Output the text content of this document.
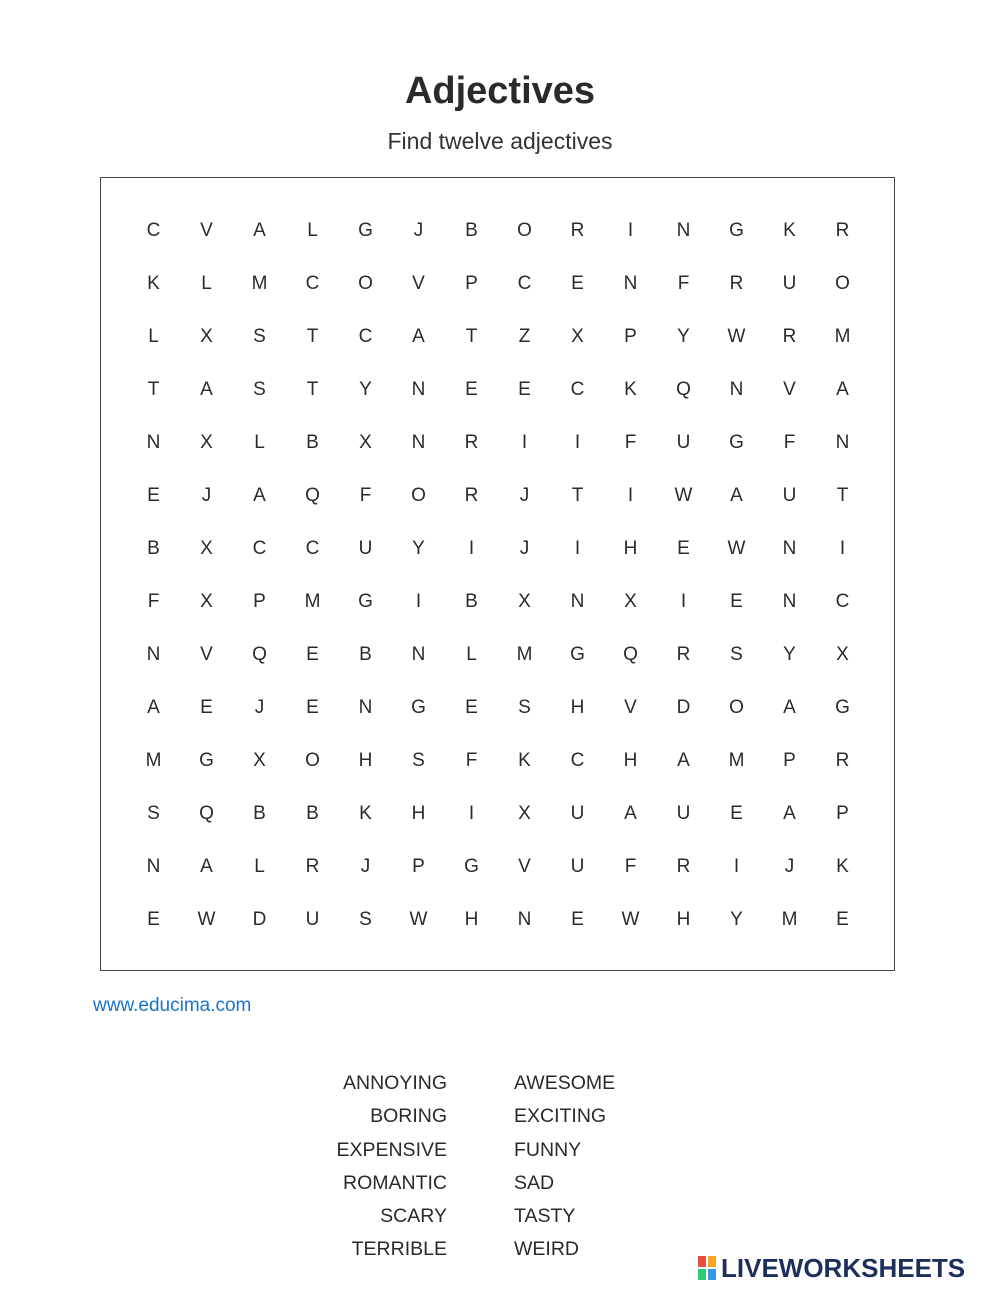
Adjectives

Find twelve adjectives

C	V	A	L	G	J	B	O	R	I	N	G	K	R
K	L	M	C	O	V	P	C	E	N	F	R	U	O
L	X	S	T	C	A	T	Z	X	P	Y	W	R	M
T	A	S	T	Y	N	E	E	C	K	Q	N	V	A
N	X	L	B	X	N	R	I	I	F	U	G	F	N
E	J	A	Q	F	O	R	J	T	I	W	A	U	T
B	X	C	C	U	Y	I	J	I	H	E	W	N	I
F	X	P	M	G	I	B	X	N	X	I	E	N	C
N	V	Q	E	B	N	L	M	G	Q	R	S	Y	X
A	E	J	E	N	G	E	S	H	V	D	O	A	G
M	G	X	O	H	S	F	K	C	H	A	M	P	R
S	Q	B	B	K	H	I	X	U	A	U	E	A	P
N	A	L	R	J	P	G	V	U	F	R	I	J	K
E	W	D	U	S	W	H	N	E	W	H	Y	M	E
www.educima.com
ANNOYING
BORING
EXPENSIVE
ROMANTIC
SCARY
TERRIBLE
AWESOME
EXCITING
FUNNY
SAD
TASTY
WEIRD
LIVEWORKSHEETS
